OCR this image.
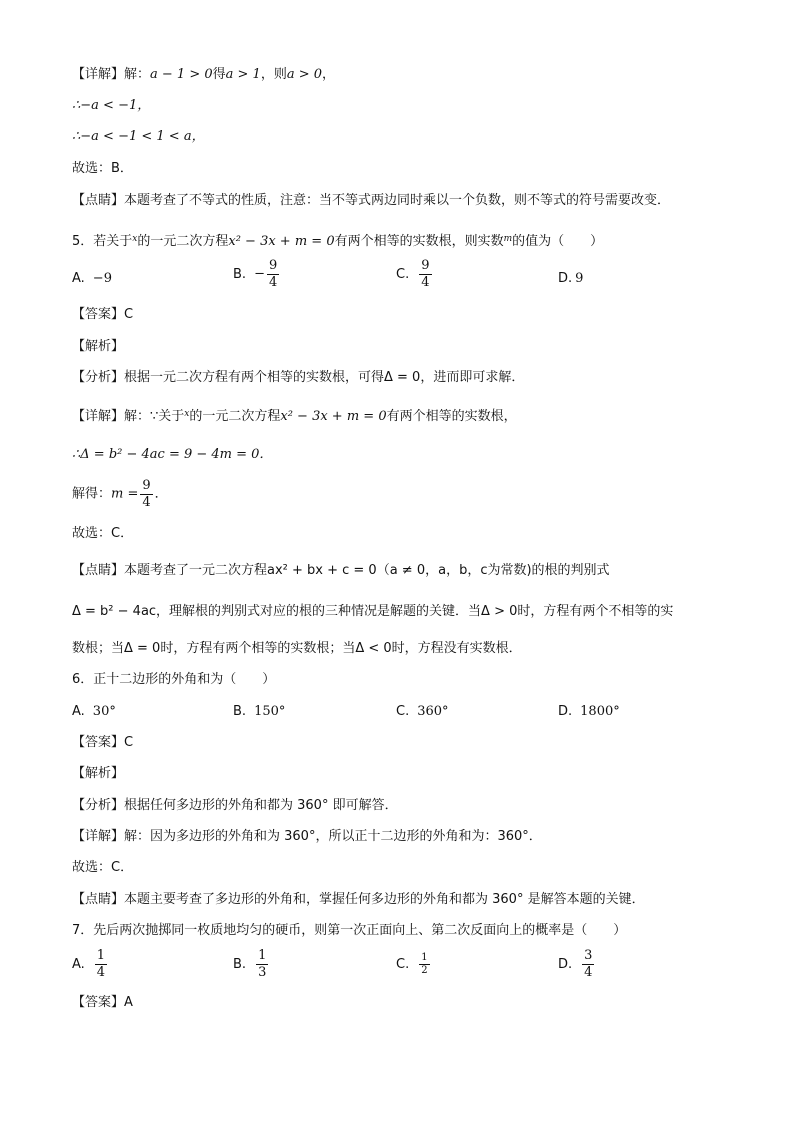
【详解】解：a − 1 > 0得a > 1，则a > 0，
∴−a < −1，
∴−a < −1 < 1 < a，
故选：B．
【点睛】本题考查了不等式的性质，注意：当不等式两边同时乘以一个负数，则不等式的符号需要改变．
5．若关于$^x$的一元二次方程x² − 3x + m = 0有两个相等的实数根，则实数$^m$的值为（　　）
A. −9	B. − $\frac{9}{4}$	C. $\frac{9}{4}$	D. 9
【答案】C
【解析】
【分析】根据一元二次方程有两个相等的实数根，可得Δ = 0，进而即可求解．
【详解】解：∵关于$^x$的一元二次方程x² − 3x + m = 0有两个相等的实数根，
∴Δ = b² − 4ac = 9 − 4m = 0．
解得：$m = \frac{9}{4}$ ．
故选：C．
【点睛】本题考查了一元二次方程ax² + bx + c = 0（a ≠ 0，a，b，c为常数)的根的判别式
Δ = b² − 4ac，理解根的判别式对应的根的三种情况是解题的关键．当Δ > 0时，方程有两个不相等的实
数根；当Δ = 0时，方程有两个相等的实数根；当Δ < 0时，方程没有实数根．
6．正十二边形的外角和为（　　）
A. 30°	B. 150°	C. 360°	D. 1800°
【答案】C
【解析】
【分析】根据任何多边形的外角和都为 360° 即可解答．
【详解】解：因为多边形的外角和为 360°，所以正十二边形的外角和为：360°．
故选：C．
【点睛】本题主要考查了多边形的外角和，掌握任何多边形的外角和都为 360° 是解答本题的关键．
7．先后两次抛掷同一枚质地均匀的硬币，则第一次正面向上、第二次反面向上的概率是（　　）
A. $\frac{1}{4}$	B. $\frac{1}{3}$	C. $\frac{1}{2}$	D. $\frac{3}{4}$
【答案】A
